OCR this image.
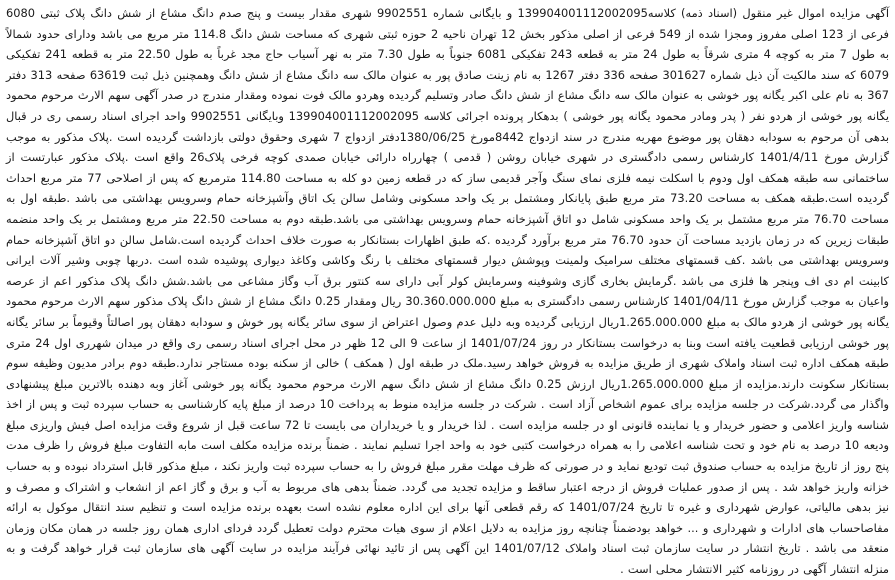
آگهی مزایده اموال غیر منقول (اسناد ذمه) کلاسه139904001112002095 و بایگانی شماره 9902551 شهری مقدار بیست و پنج صدم دانگ مشاع از شش دانگ پلاک ثبتی 6080 فرعی از 123 اصلی مفروز ومجزا شده از 549 فرعی از اصلی مذکور بخش 12 تهران ناحیه 2 حوزه ثبتی شهری که مساحت شش دانگ 114.8 متر مربع می باشد ودارای حدود شمالاً به طول 7 متر به کوچه 4 متری شرقاً به طول 24 متر به قطعه 243 تفکیکی 6081 جنوباً به طول 7.30 متر به نهر آسیاب حاج مجد غرباً به طول 22.50 متر به قطعه 241 تفکیکی 6079 که سند مالکیت آن ذیل شماره 301627 صفحه 336 دفتر 1267 به نام زینت صادق پور به عنوان مالک سه دانگ مشاع از شش دانگ وهمچنین ذیل ثبت 63619 صفحه 313 دفتر 367 به نام علی اکبر یگانه پور خوشی به عنوان مالک سه دانگ مشاع از شش دانگ صادر وتسلیم گردیده وهردو مالک فوت نموده ومقدار مندرج در صدر آگهی سهم الارث مرحوم محمود یگانه پور خوشی از هردو نفر ( پدر ومادر محمود یگانه پور خوشی ) بدهکار پرونده اجرائی کلاسه 139904001112002095 وبایگانی 9902551 واحد اجرای اسناد رسمی ری در قبال بدهی آن مرحوم به سودابه دهقان پور موضوع مهریه مندرج در سند ازدواج 8442مورخ 1380/06/25دفتر ازدواج 7 شهری وحقوق دولتی بازداشت گردیده است .پلاک مذکور به موجب گزارش مورخ 1401/4/11 کارشناس رسمی دادگستری در شهری خیابان روشن ( قدمی ) چهارراه دارائی خیابان صمدی کوچه فرخی پلاک26 واقع است .پلاک مذکور عبارتست از ساختمانی سه طبقه همکف اول ودوم با اسکلت نیمه فلزی نمای سنگ وآجر قدیمی ساز که در قطعه زمین دو کله به مساحت 114.80 مترمربع که پس از اصلاحی 77 متر مربع احداث گردیده است.طبقه همکف به مساحت 73.20 متر مربع طبق پایانکار ومشتمل بر یک واحد مسکونی وشامل سالن یک اتاق وآشپزخانه حمام وسرویس بهداشتی می باشد .طبقه اول به مساحت 76.70 متر مربع مشتمل بر یک واحد مسکونی شامل دو اتاق آشپزخانه حمام وسرویس بهداشتی می باشد.طبقه دوم به مساحت 22.50 متر مربع ومشتمل بر یک واحد منضمه طبقات زیرین که در زمان بازدید مساحت آن حدود 76.70 متر مربع برآورد گردیده .که طبق اظهارات بستانکار به صورت خلاف احداث گردیده است.شامل سالن دو اتاق آشپزخانه حمام وسرویس بهداشتی می باشد .کف قسمتهای مختلف سرامیک ولمینت وپوشش دیوار قسمتهای مختلف با رنگ وکاشی وکاغذ دیواری پوشیده شده است .دربها چوبی وشیر آلات ایرانی کابینت ام دی اف وپنجر ها فلزی می باشد .گرمایش بخاری گازی وشوفینه وسرمایش کولر آبی دارای سه کنتور برق آب وگاز مشاعی می باشد.شش دانگ پلاک مذکور اعم از عرصه واعیان به موجب گزارش مورخ 1401/04/11 کارشناس رسمی دادگستری به مبلغ 30.360.000.000 ریال ومقدار 0.25 دانگ مشاع از شش دانگ پلاک مذکور سهم الارث مرحوم محمود یگانه پور خوشی از هردو مالک به مبلغ 1.265.000.000ریال ارزیابی گردیده وبه دلیل عدم وصول اعتراض از سوی سائر یگانه پور خوش و سودابه دهقان پور اصالتاً وقیوماً بر سائر یگانه پور خوشی ارزیابی قطعیت یافته است وبنا به درخواست بستانکار در روز 1401/07/24 از ساعت 9 الی 12 ظهر در محل اجرای اسناد رسمی ری واقع در میدان شهرری اول 24 متری طبقه همکف اداره ثبت اسناد واملاک شهری از طریق مزایده به فروش خواهد رسید.ملک در طبقه اول ( همکف ) خالی از سکنه بوده مستاجر ندارد.طبقه دوم برادر مدیون وظیفه سوم بستانکار سکونت دارند.مزایده از مبلغ 1.265.000.000ریال ارزش 0.25 دانگ مشاع از شش دانگ سهم الارث مرحوم محمود یگانه پور خوشی آغاز وبه دهنده بالاترین مبلغ پیشنهادی واگذار می گردد.شرکت در جلسه مزایده برای عموم اشخاص آزاد است . شرکت در جلسه مزایده منوط به پرداخت 10 درصد از مبلغ پایه کارشناسی به حساب سپرده ثبت و پس از اخذ شناسه واریز اعلامی و حضور خریدار و یا نماینده قانونی او در جلسه مزایده است . لذا خریدار و یا خریداران می بایست تا 72 ساعت قبل از شروع وقت مزایده اصل فیش واریزی مبلغ ودیعه 10 درصد به نام خود و تحت شناسه اعلامی را به همراه درخواست کتبی خود به واحد اجرا تسلیم نمایند . ضمناً برنده مزایده مکلف است مابه التفاوت مبلغ فروش را ظرف مدت پنج روز از تاریخ مزایده به حساب صندوق ثبت تودیع نماید و در صورتی که ظرف مهلت مقرر مبلغ فروش را به حساب سپرده ثبت واریز نکند ، مبلغ مذکور قابل استرداد نبوده و به حساب خزانه واریز خواهد شد . پس از صدور عملیات فروش از درجه اعتبار ساقط و مزایده تجدید می گردد. ضمناً بدهی های مربوط به آب و برق و گاز اعم از انشعاب و اشتراک و مصرف و نیز بدهی مالیاتی، عوارض شهرداری و غیره تا تاریخ 1401/07/24 که رقم قطعی آنها برای این اداره معلوم نشده است بعهده برنده مزایده است و تنظیم سند انتقال موکول به ارائه مفاصاحساب های ادارات و شهرداری و ... خواهد بودضمناً چنانچه روز مزایده به دلایل اعلام از سوی هیات محترم دولت تعطیل گردد فردای اداری همان روز جلسه در همان مکان وزمان منعقد می باشد . تاریخ انتشار در سایت سازمان ثبت اسناد واملاک 1401/07/12 این آگهی پس از تائید نهائی فرآیند مزایده در سایت آگهی های سازمان ثبت قرار خواهد گرفت و به منزله انتشار آگهی در روزنامه کثیر الانتشار محلی است .
